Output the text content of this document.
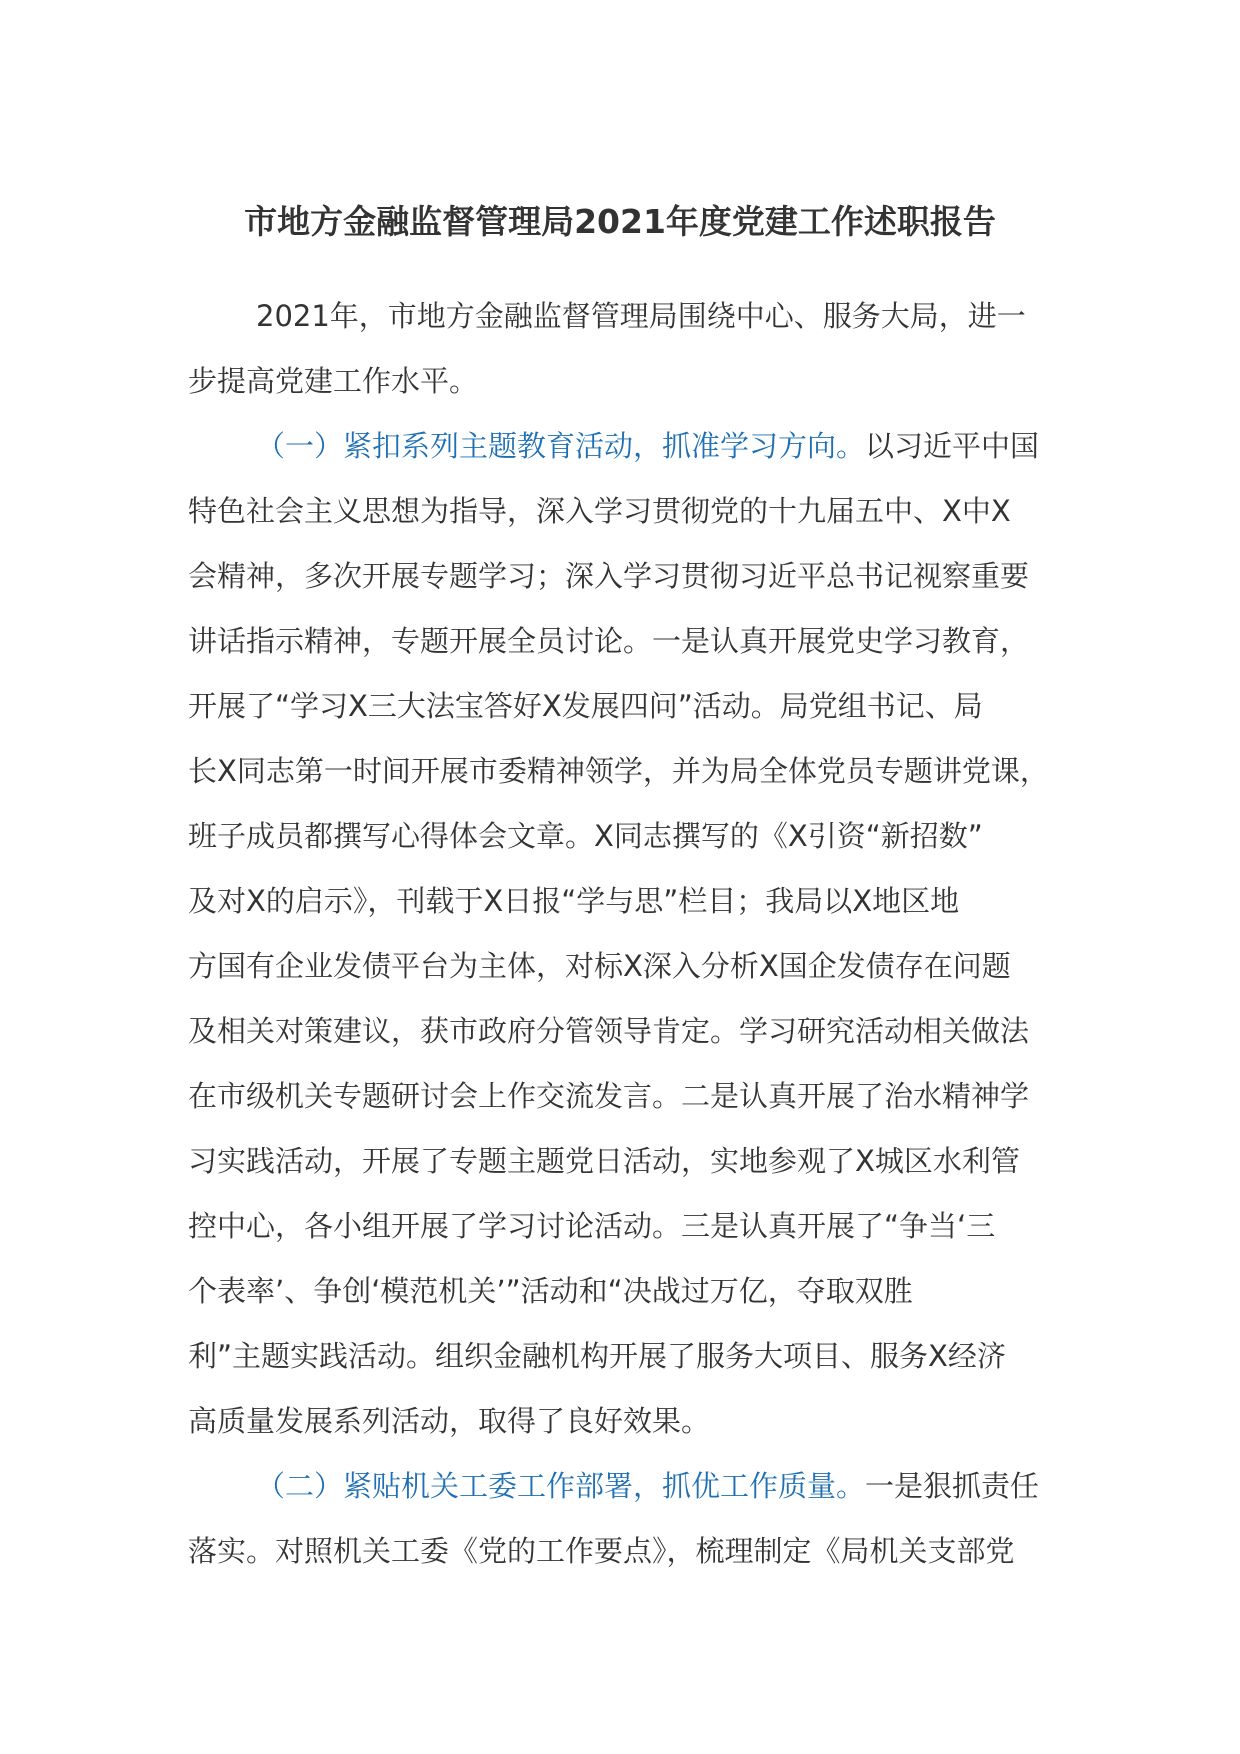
市地方金融监督管理局2021年度党建工作述职报告
2021年，市地方金融监督管理局围绕中心、服务大局，进一
步提高党建工作水平。
（一）紧扣系列主题教育活动，抓准学习方向。以习近平中国
特色社会主义思想为指导，深入学习贯彻党的十九届五中、X中X
会精神，多次开展专题学习；深入学习贯彻习近平总书记视察重要
讲话指示精神，专题开展全员讨论。一是认真开展党史学习教育，
开展了“学习X三大法宝答好X发展四问”活动。局党组书记、局
长X同志第一时间开展市委精神领学，并为局全体党员专题讲党课，
班子成员都撰写心得体会文章。X同志撰写的《X引资“新招数”
及对X的启示》，刊载于X日报“学与思”栏目；我局以X地区地
方国有企业发债平台为主体，对标X深入分析X国企发债存在问题
及相关对策建议，获市政府分管领导肯定。学习研究活动相关做法
在市级机关专题研讨会上作交流发言。二是认真开展了治水精神学
习实践活动，开展了专题主题党日活动，实地参观了X城区水利管
控中心，各小组开展了学习讨论活动。三是认真开展了“争当‘三
个表率’、争创‘模范机关’”活动和“决战过万亿，夺取双胜
利”主题实践活动。组织金融机构开展了服务大项目、服务X经济
高质量发展系列活动，取得了良好效果。
（二）紧贴机关工委工作部署，抓优工作质量。一是狠抓责任
落实。对照机关工委《党的工作要点》，梳理制定《局机关支部党
